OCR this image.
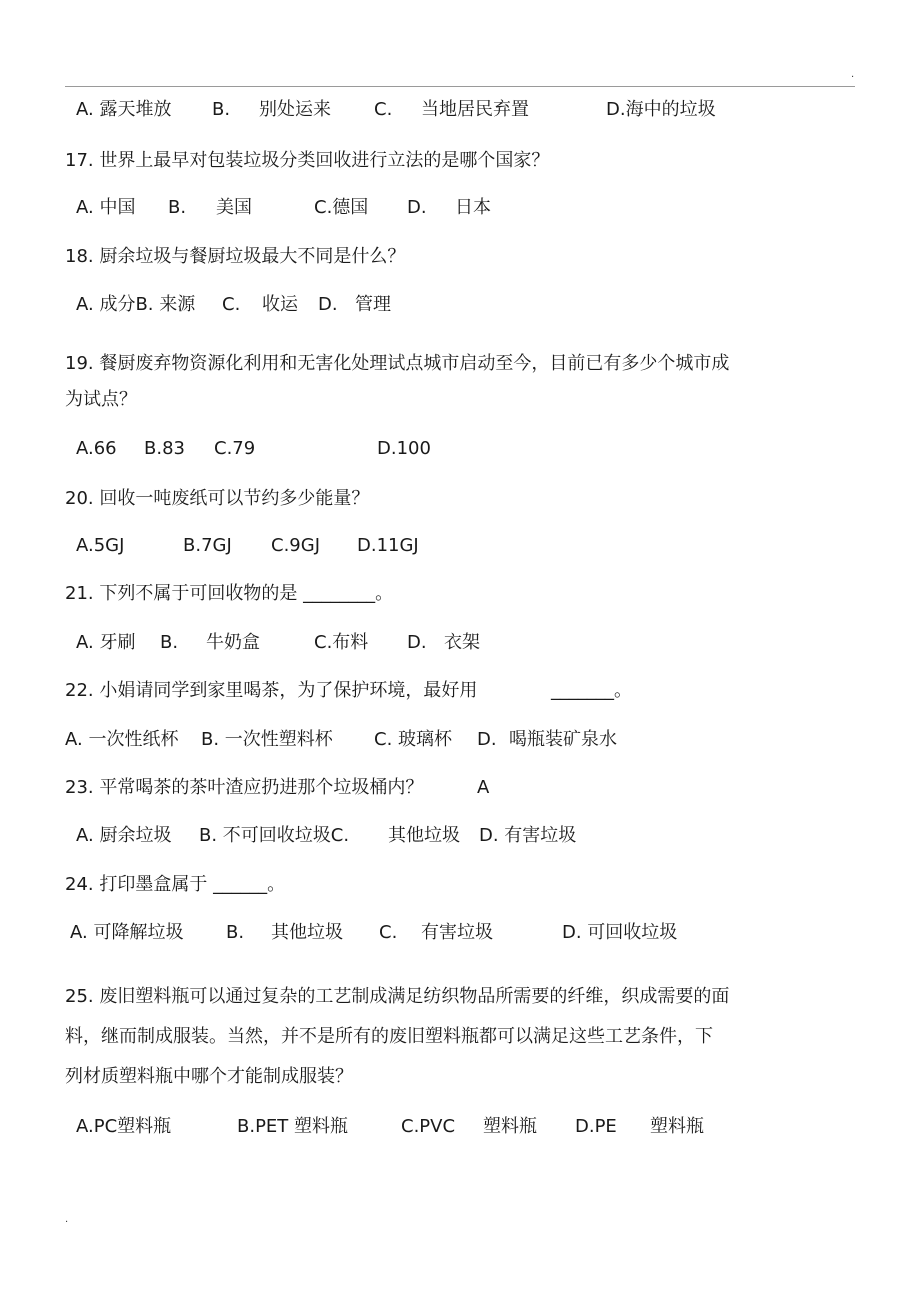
.
.
A. 露天堆放 B. 别处运来 C. 当地居民弃置	D.海中的垃圾
17. 世界上最早对包装垃圾分类回收进行立法的是哪个国家？
A. 中国 B. 美国	C.德国 D. 日本
18. 厨余垃圾与餐厨垃圾最大不同是什么？
A. 成分B. 来源 C. 收运 D. 管理
19. 餐厨废弃物资源化利用和无害化处理试点城市启动至今，目前已有多少个城市成
为试点？
A.66 B.83 C.79	D.100
20. 回收一吨废纸可以节约多少能量？
A.5GJ	B.7GJ C.9GJ D.11GJ
21. 下列不属于可回收物的是 ________。
A. 牙刷 B. 牛奶盒	C.布料 D. 衣架
22. 小娟请同学到家里喝茶，为了保护环境，最好用	_______。
A. 一次性纸杯 B. 一次性塑料杯 C. 玻璃杯 D. 喝瓶装矿泉水
23. 平常喝茶的茶叶渣应扔进那个垃圾桶内？	A
A. 厨余垃圾 B. 不可回收垃圾C. 其他垃圾 D. 有害垃圾
24. 打印墨盒属于 ______。
A. 可降解垃圾 B. 其他垃圾 C. 有害垃圾	D. 可回收垃圾
25. 废旧塑料瓶可以通过复杂的工艺制成满足纺织物品所需要的纤维，织成需要的面
料，继而制成服装。当然，并不是所有的废旧塑料瓶都可以满足这些工艺条件，下
列材质塑料瓶中哪个才能制成服装？
A.PC塑料瓶	B.PET 塑料瓶	C.PVC 塑料瓶 D.PE 塑料瓶
